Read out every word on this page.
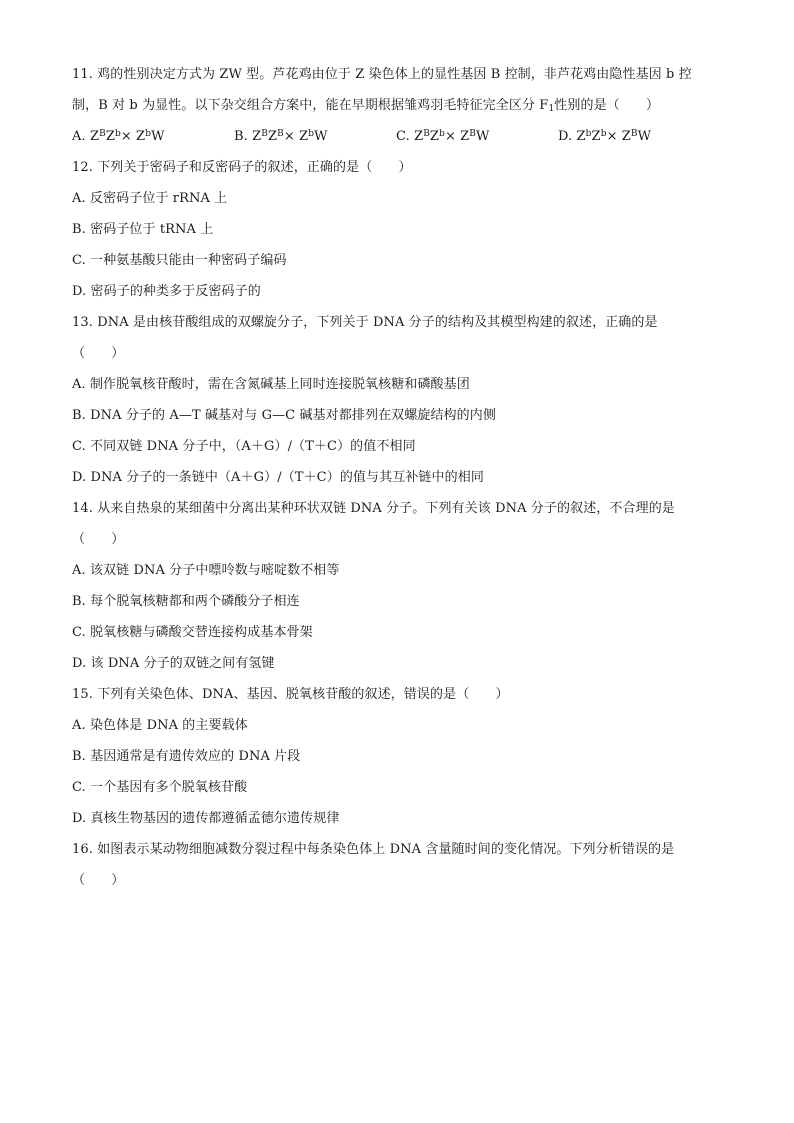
11. 鸡的性别决定方式为 ZW 型。芦花鸡由位于 Z 染色体上的显性基因 B 控制，非芦花鸡由隐性基因 b 控
制，B 对 b 为显性。以下杂交组合方案中，能在早期根据雏鸡羽毛特征完全区分 $F_1$性别的是（　　）
A. $Z^BZ^b\times Z^bW$	B. $Z^BZ^B\times Z^bW$	C. $Z^BZ^b\times Z^BW$	D. $Z^bZ^b\times Z^BW$
12. 下列关于密码子和反密码子的叙述，正确的是（　　）
A. 反密码子位于 rRNA 上
B. 密码子位于 tRNA 上
C. 一种氨基酸只能由一种密码子编码
D. 密码子的种类多于反密码子的
13. DNA 是由核苷酸组成的双螺旋分子，下列关于 DNA 分子的结构及其模型构建的叙述，正确的是
（　　）
A. 制作脱氧核苷酸时，需在含氮碱基上同时连接脱氧核糖和磷酸基团
B. DNA 分子的 A—T 碱基对与 G—C 碱基对都排列在双螺旋结构的内侧
C. 不同双链 DNA 分子中，（A＋G）/（T＋C）的值不相同
D. DNA 分子的一条链中（A＋G）/（T＋C）的值与其互补链中的相同
14. 从来自热泉的某细菌中分离出某种环状双链 DNA 分子。下列有关该 DNA 分子的叙述，不合理的是
（　　）
A. 该双链 DNA 分子中嘌呤数与嘧啶数不相等
B. 每个脱氧核糖都和两个磷酸分子相连
C. 脱氧核糖与磷酸交替连接构成基本骨架
D. 该 DNA 分子的双链之间有氢键
15. 下列有关染色体、DNA、基因、脱氧核苷酸的叙述，错误的是（　　）
A. 染色体是 DNA 的主要载体
B. 基因通常是有遗传效应的 DNA 片段
C. 一个基因有多个脱氧核苷酸
D. 真核生物基因的遗传都遵循孟德尔遗传规律
16. 如图表示某动物细胞减数分裂过程中每条染色体上 DNA 含量随时间的变化情况。下列分析错误的是
（　　）
